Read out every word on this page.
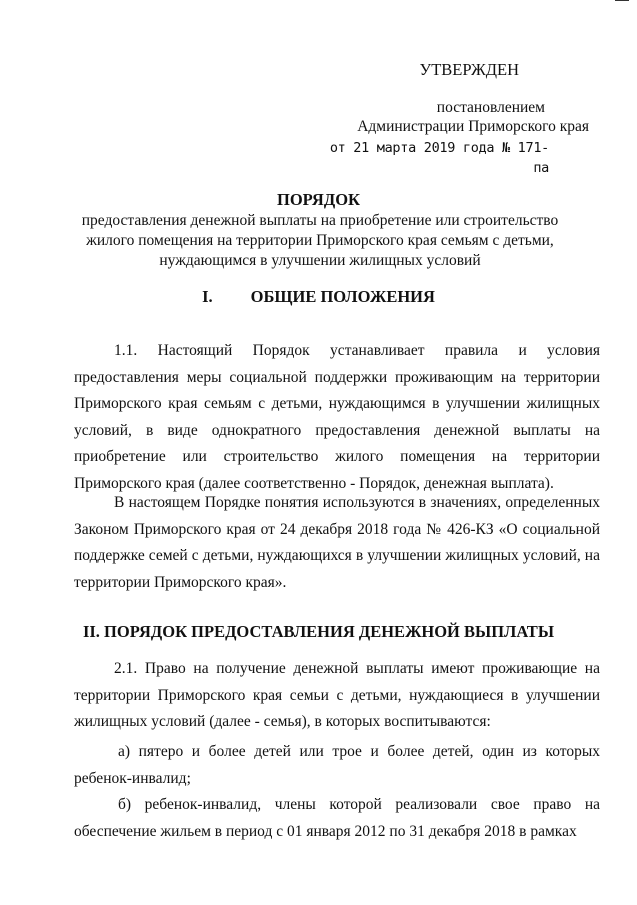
УТВЕРЖДЕН
постановлением
Администрации Приморского края
от 21 марта 2019 года № 171-па
ПОРЯДОК
предоставления денежной выплаты на приобретение или строительство жилого помещения на территории Приморского края семьям с детьми, нуждающимся в улучшении жилищных условий
I. ОБЩИЕ ПОЛОЖЕНИЯ

1.1. Настоящий Порядок устанавливает правила и условия предоставления меры социальной поддержки проживающим на территории Приморского края семьям с детьми, нуждающимся в улучшении жилищных условий, в виде однократного предоставления денежной выплаты на приобретение или строительство жилого помещения на территории Приморского края (далее соответственно - Порядок, денежная выплата).

В настоящем Порядке понятия используются в значениях, определенных Законом Приморского края от 24 декабря 2018 года № 426-КЗ «О социальной поддержке семей с детьми, нуждающихся в улучшении жилищных условий, на территории Приморского края».

II. ПОРЯДОК ПРЕДОСТАВЛЕНИЯ ДЕНЕЖНОЙ ВЫПЛАТЫ

2.1. Право на получение денежной выплаты имеют проживающие на территории Приморского края семьи с детьми, нуждающиеся в улучшении жилищных условий (далее - семья), в которых воспитываются:

а) пятеро и более детей или трое и более детей, один из которых ребенок-инвалид;

б) ребенок-инвалид, члены которой реализовали свое право на обеспечение жильем в период с 01 января 2012 по 31 декабря 2018 в рамках
